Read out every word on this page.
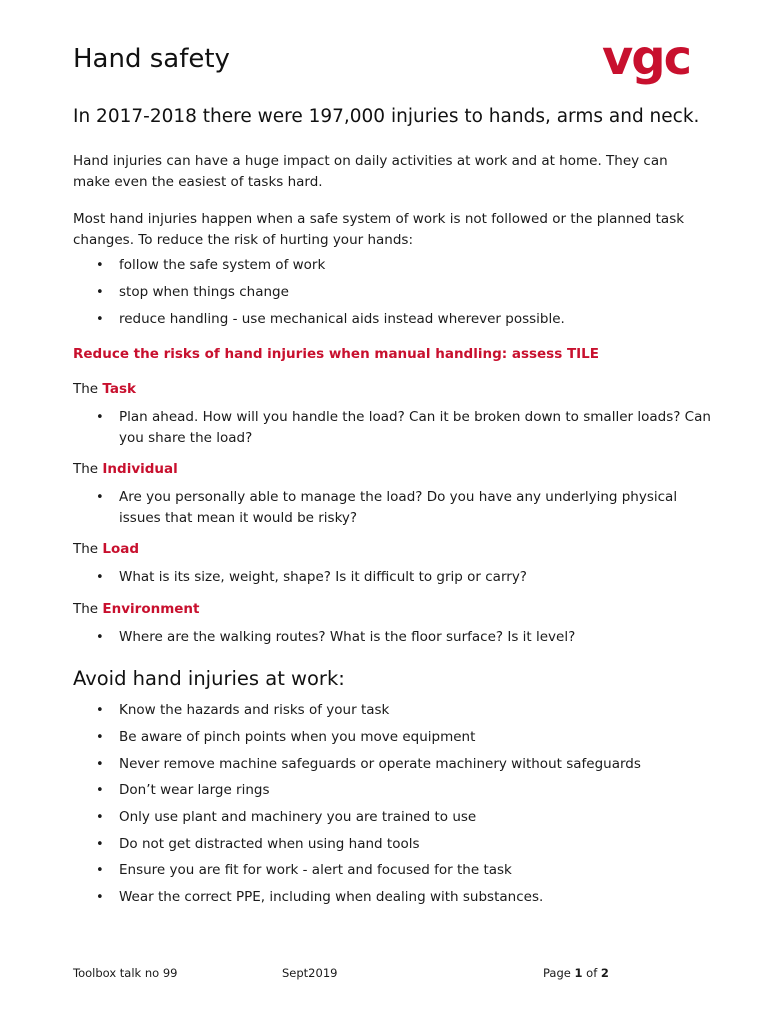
Hand safety	vgc
In 2017-2018 there were 197,000 injuries to hands, arms and neck.

Hand injuries can have a huge impact on daily activities at work and at home. They can make even the easiest of tasks hard.

Most hand injuries happen when a safe system of work is not followed or the planned task changes. To reduce the risk of hurting your hands:

• follow the safe system of work
• stop when things change
• reduce handling - use mechanical aids instead wherever possible.

Reduce the risks of hand injuries when manual handling: assess TILE

The Task

• Plan ahead. How will you handle the load? Can it be broken down to smaller loads? Can you share the load?

The Individual

• Are you personally able to manage the load? Do you have any underlying physical issues that mean it would be risky?

The Load

• What is its size, weight, shape? Is it difficult to grip or carry?

The Environment

• Where are the walking routes? What is the floor surface? Is it level?
Avoid hand injuries at work:
• Know the hazards and risks of your task
• Be aware of pinch points when you move equipment
• Never remove machine safeguards or operate machinery without safeguards
• Don’t wear large rings
• Only use plant and machinery you are trained to use
• Do not get distracted when using hand tools
• Ensure you are fit for work - alert and focused for the task
• Wear the correct PPE, including when dealing with substances.
Toolbox talk no 99	Sept2019	Page 1 of 2
